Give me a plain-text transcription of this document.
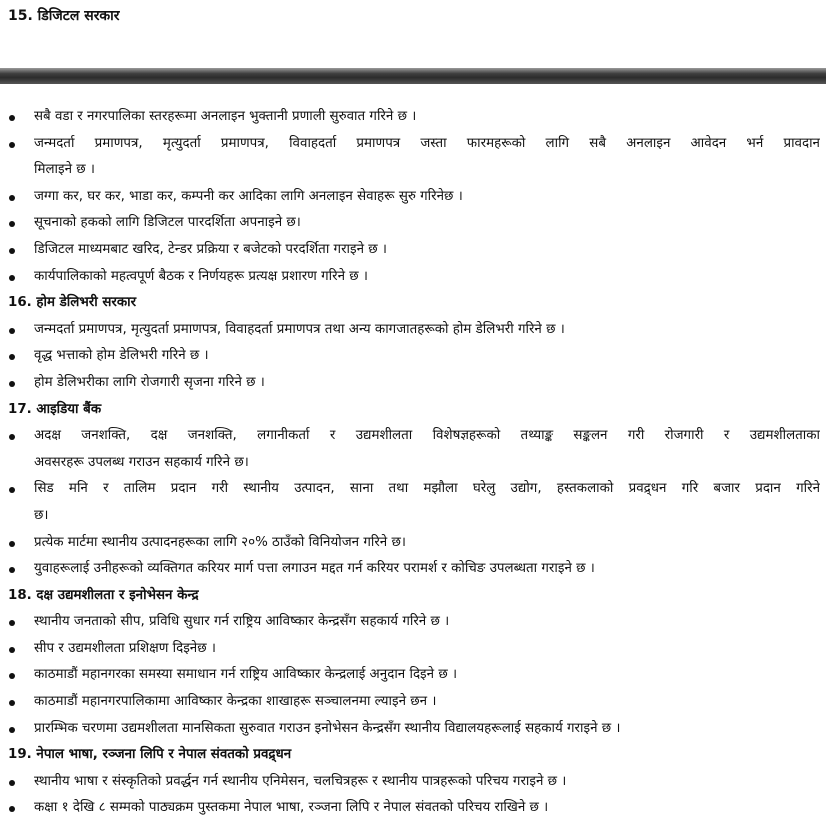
15. डिजिटल सरकार
सबै वडा र नगरपालिका स्तरहरूमा अनलाइन भुक्तानी प्रणाली सुरुवात गरिने छ ।
जन्मदर्ता प्रमाणपत्र, मृत्युदर्ता प्रमाणपत्र, विवाहदर्ता प्रमाणपत्र जस्ता फारमहरूको लागि सबै अनलाइन आवेदन भर्न प्रावदान
मिलाइने छ ।
जग्गा कर, घर कर, भाडा कर, कम्पनी कर आदिका लागि अनलाइन सेवाहरू सुरु गरिनेछ ।
सूचनाको हकको लागि डिजिटल पारदर्शिता अपनाइने छ।
डिजिटल माध्यमबाट खरिद, टेन्डर प्रक्रिया र बजेटको परदर्शिता गराइने छ ।
कार्यपालिकाको महत्वपूर्ण बैठक र निर्णयहरू प्रत्यक्ष प्रशारण गरिने छ ।
16. होम डेलिभरी सरकार
जन्मदर्ता प्रमाणपत्र, मृत्युदर्ता प्रमाणपत्र, विवाहदर्ता प्रमाणपत्र तथा अन्य कागजातहरूको होम डेलिभरी गरिने छ ।
वृद्ध भत्ताको होम डेलिभरी गरिने छ ।
होम डेलिभरीका लागि रोजगारी सृजना गरिने छ ।
17. आइडिया बैंक
अदक्ष जनशक्ति, दक्ष जनशक्ति, लगानीकर्ता र उद्यमशीलता विशेषज्ञहरूको तथ्याङ्क सङ्कलन गरी रोजगारी र उद्यमशीलताका
अवसरहरू उपलब्ध गराउन सहकार्य गरिने छ।
सिड मनि र तालिम प्रदान गरी स्थानीय उत्पादन, साना तथा मझौला घरेलु उद्योग, हस्तकलाको प्रवद्र्धन गरि बजार प्रदान गरिने
छ।
प्रत्येक मार्टमा स्थानीय उत्पादनहरूका लागि २०% ठाउँको विनियोजन गरिने छ।
युवाहरूलाई उनीहरूको व्यक्तिगत करियर मार्ग पत्ता लगाउन मद्दत गर्न करियर परामर्श र कोचिङ उपलब्धता गराइने छ ।
18. दक्ष उद्यमशीलता र इनोभेसन केन्द्र
स्थानीय जनताको सीप, प्रविधि सुधार गर्न राष्ट्रिय आविष्कार केन्द्रसँग सहकार्य गरिने छ ।
सीप र उद्यमशीलता प्रशिक्षण दिइनेछ ।
काठमाडौं महानगरका समस्या समाधान गर्न राष्ट्रिय आविष्कार केन्द्रलाई अनुदान दिइने छ ।
काठमाडौं महानगरपालिकामा आविष्कार केन्द्रका शाखाहरू सञ्चालनमा ल्याइने छन ।
प्रारम्भिक चरणमा उद्यमशीलता मानसिकता सुरुवात गराउन इनोभेसन केन्द्रसँग स्थानीय विद्यालयहरूलाई सहकार्य गराइने छ ।
19. नेपाल भाषा, रञ्जना लिपि र नेपाल संवतको प्रवद्र्धन
स्थानीय भाषा र संस्कृतिको प्रवर्द्धन गर्न स्थानीय एनिमेसन, चलचित्रहरू र स्थानीय पात्रहरूको परिचय गराइने छ ।
कक्षा १ देखि ८ सम्मको पाठ्यक्रम पुस्तकमा नेपाल भाषा, रञ्जना लिपि र नेपाल संवतको परिचय राखिने छ ।
